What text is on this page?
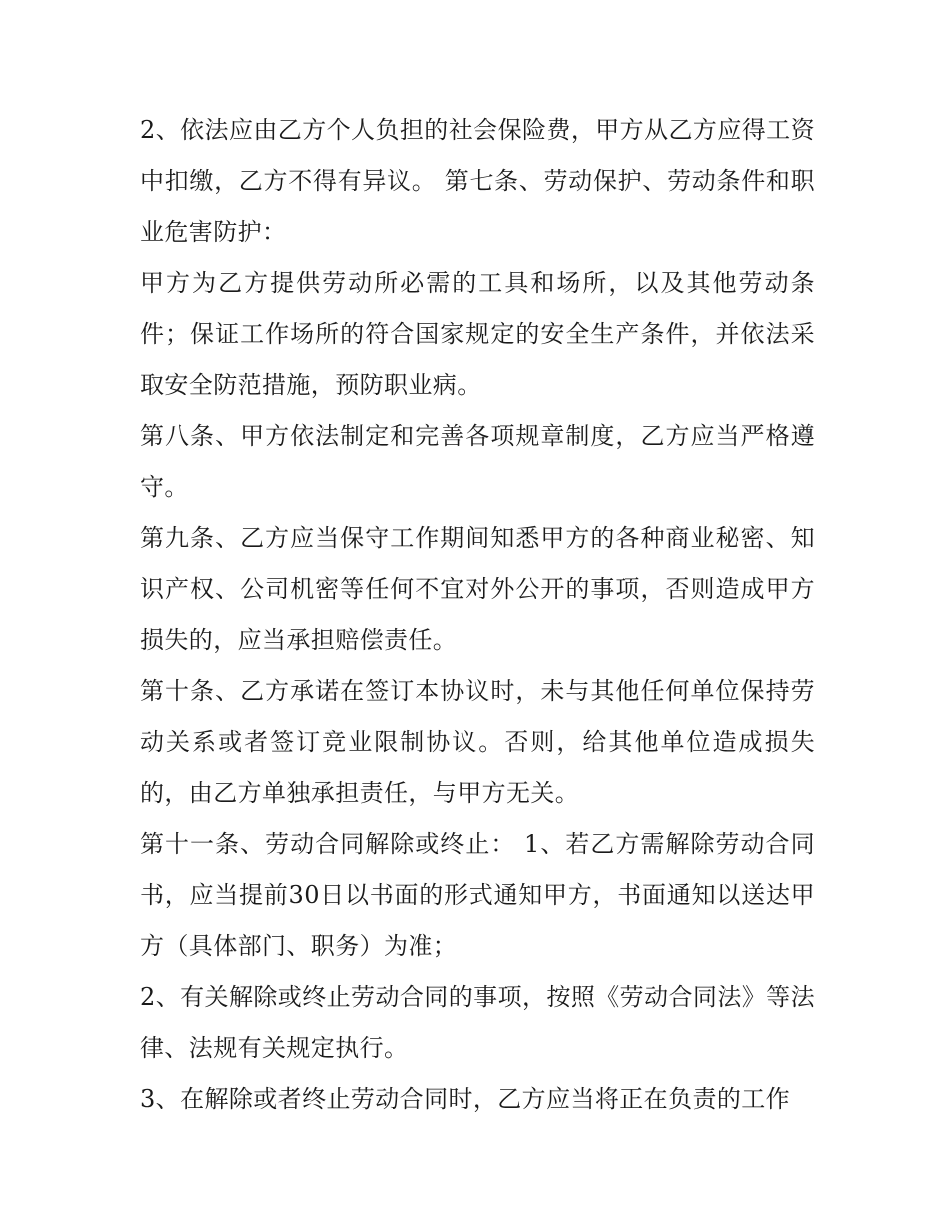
2、依法应由乙方个人负担的社会保险费，甲方从乙方应得工资中扣缴，乙方不得有异议。 第七条、劳动保护、劳动条件和职业危害防护：

甲方为乙方提供劳动所必需的工具和场所，以及其他劳动条件；保证工作场所的符合国家规定的安全生产条件，并依法采取安全防范措施，预防职业病。

第八条、甲方依法制定和完善各项规章制度，乙方应当严格遵守。

第九条、乙方应当保守工作期间知悉甲方的各种商业秘密、知识产权、公司机密等任何不宜对外公开的事项，否则造成甲方损失的，应当承担赔偿责任。

第十条、乙方承诺在签订本协议时，未与其他任何单位保持劳动关系或者签订竞业限制协议。否则，给其他单位造成损失的，由乙方单独承担责任，与甲方无关。

第十一条、劳动合同解除或终止： 1、若乙方需解除劳动合同书，应当提前30日以书面的形式通知甲方，书面通知以送达甲方（具体部门、职务）为准；

2、有关解除或终止劳动合同的事项，按照《劳动合同法》等法律、法规有关规定执行。

3、在解除或者终止劳动合同时，乙方应当将正在负责的工作
